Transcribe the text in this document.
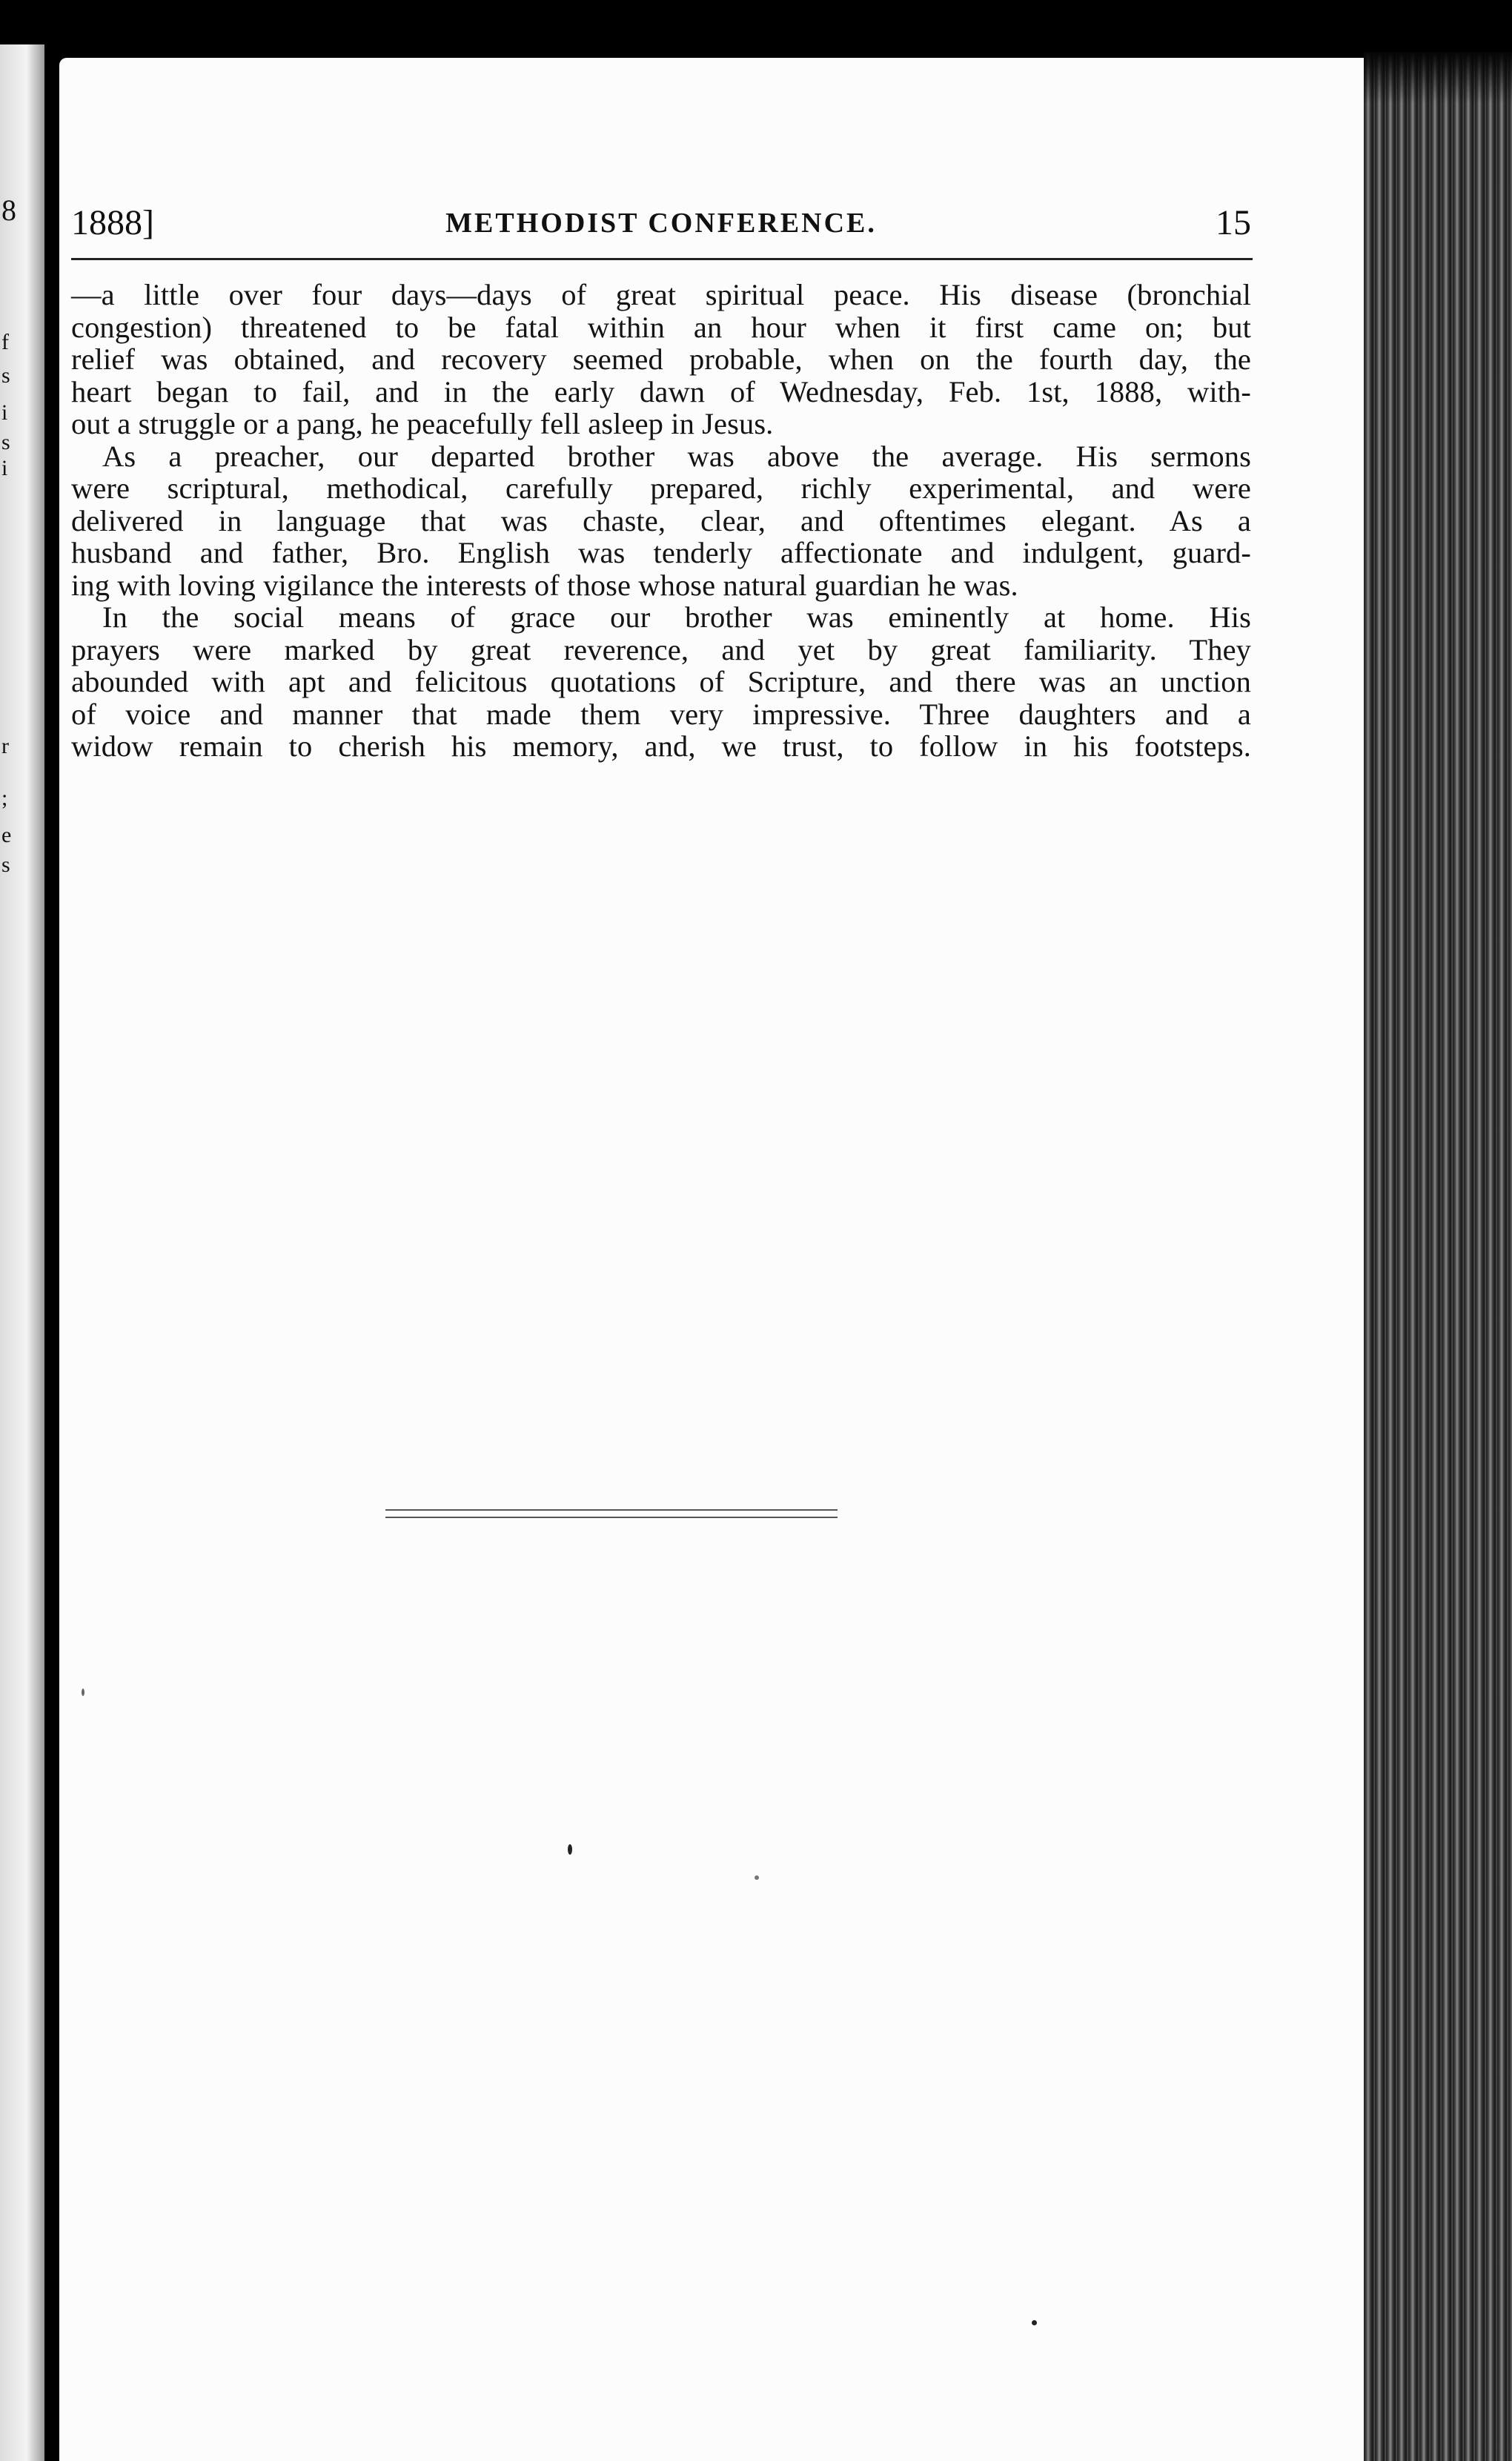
8
f
s
i
s
i
r
;
e
s
1888]	METHODIST CONFERENCE.	15
—a little over four days—days of great spiritual peace. His disease (bronchial
congestion) threatened to be fatal within an hour when it first came on; but
relief was obtained, and recovery seemed probable, when on the fourth day, the
heart began to fail, and in the early dawn of Wednesday, Feb. 1st, 1888, with-
out a struggle or a pang, he peacefully fell asleep in Jesus.
As a preacher, our departed brother was above the average. His sermons
were scriptural, methodical, carefully prepared, richly experimental, and were
delivered in language that was chaste, clear, and oftentimes elegant. As a
husband and father, Bro. English was tenderly affectionate and indulgent, guard-
ing with loving vigilance the interests of those whose natural guardian he was.
In the social means of grace our brother was eminently at home. His
prayers were marked by great reverence, and yet by great familiarity. They
abounded with apt and felicitous quotations of Scripture, and there was an unction
of voice and manner that made them very impressive. Three daughters and a
widow remain to cherish his memory, and, we trust, to follow in his footsteps.
